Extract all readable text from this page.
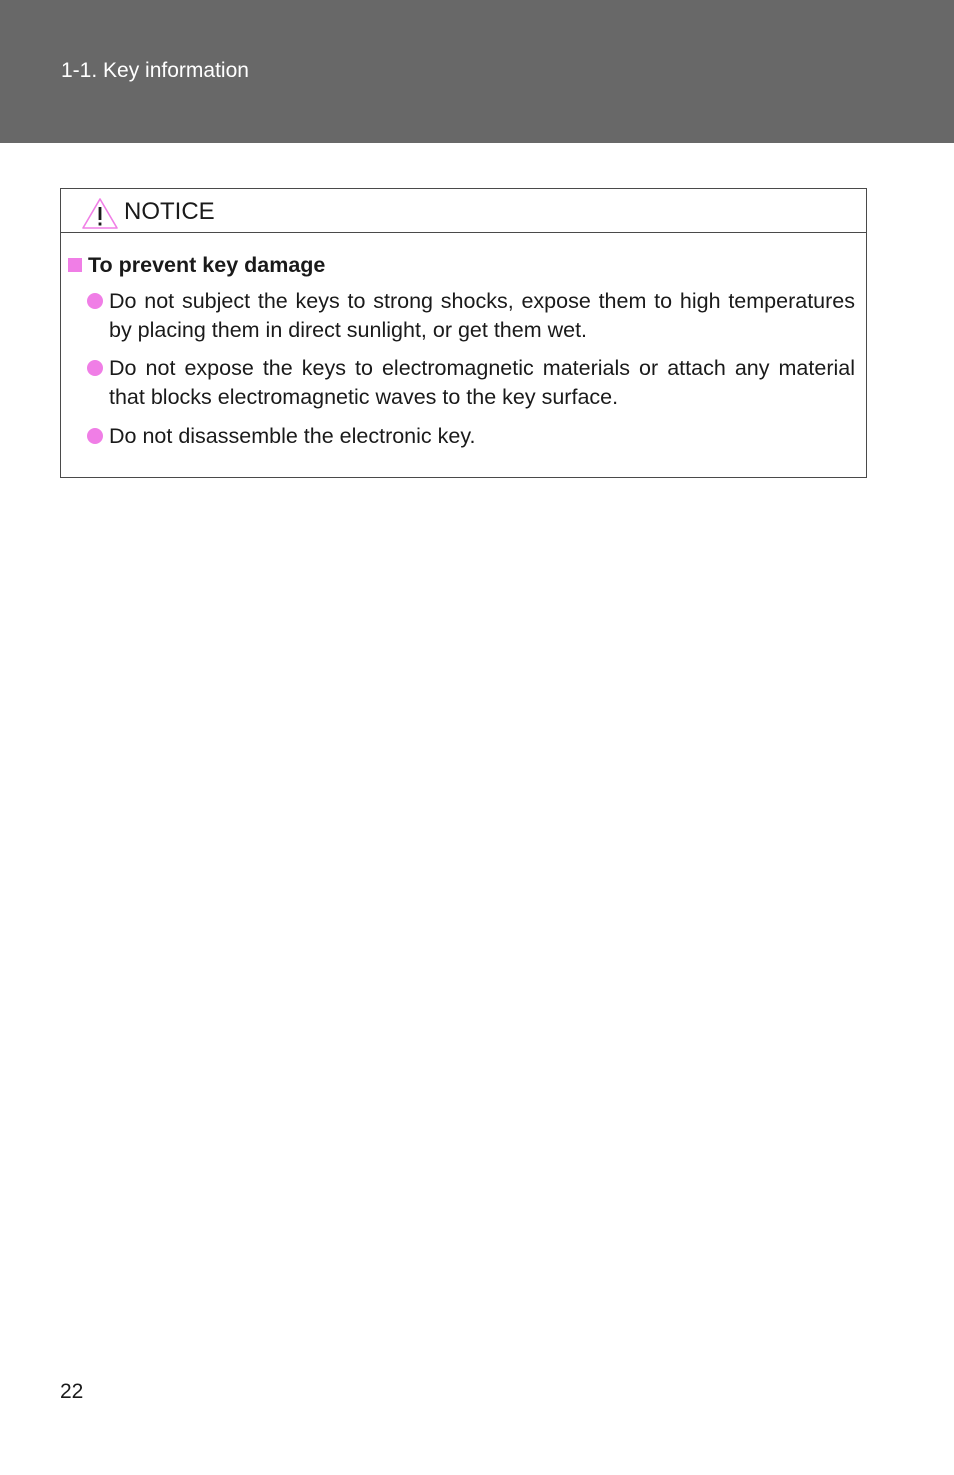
1-1. Key information
NOTICE
To prevent key damage
Do not subject the keys to strong shocks, expose them to high temperatures by placing them in direct sunlight, or get them wet.
Do not expose the keys to electromagnetic materials or attach any material that blocks electromagnetic waves to the key surface.
Do not disassemble the electronic key.
22
